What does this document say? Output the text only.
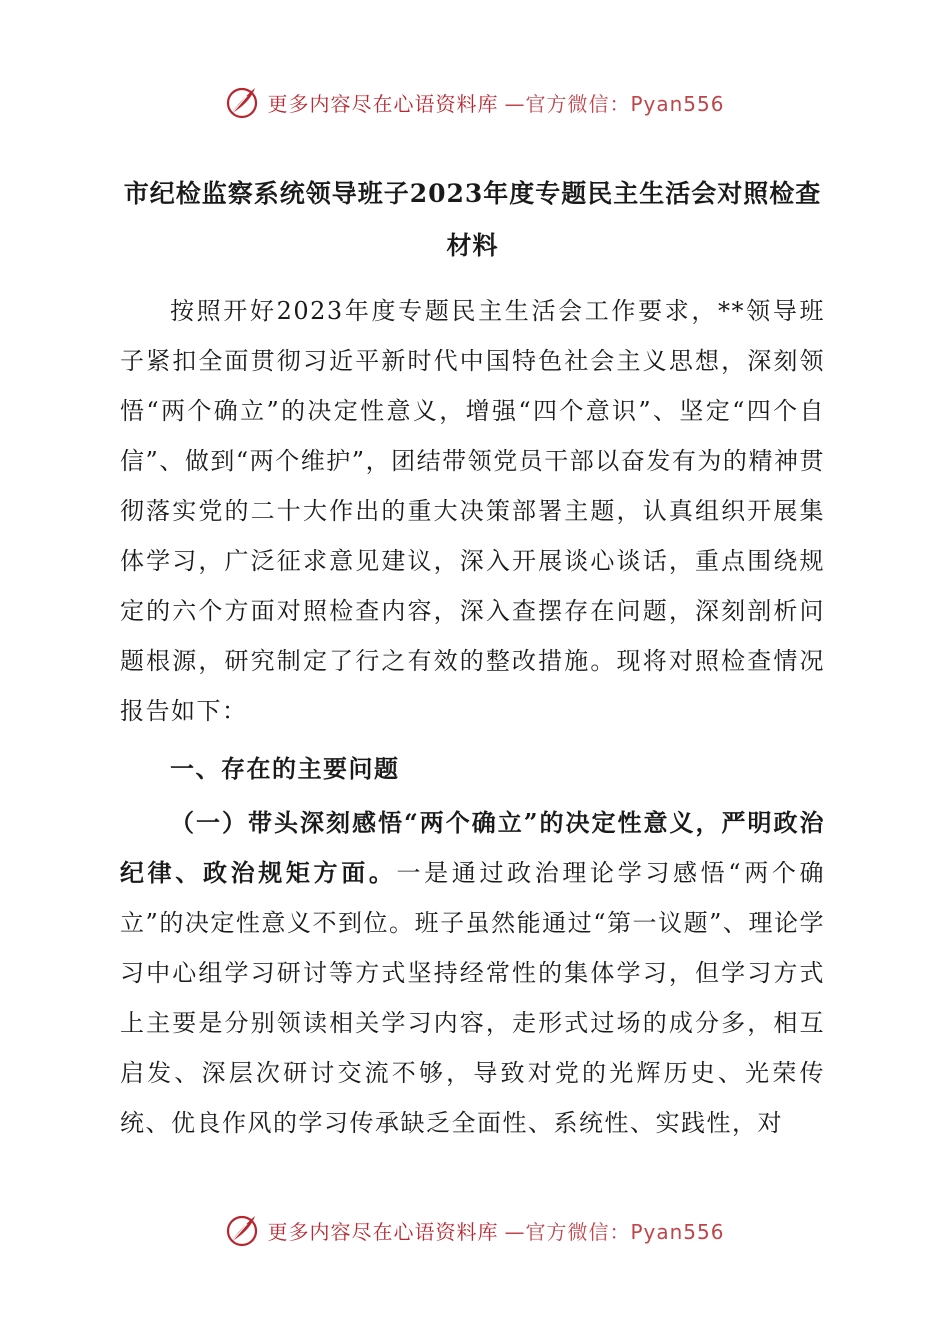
更多内容尽在心语资料库 —官方微信：Pyan556
市纪检监察系统领导班子2023年度专题民主生活会对照检查材料

按照开好2023年度专题民主生活会工作要求，**领导班子紧扣全面贯彻习近平新时代中国特色社会主义思想，深刻领悟“两个确立”的决定性意义，增强“四个意识”、坚定“四个自信”、做到“两个维护”，团结带领党员干部以奋发有为的精神贯彻落实党的二十大作出的重大决策部署主题，认真组织开展集体学习，广泛征求意见建议，深入开展谈心谈话，重点围绕规定的六个方面对照检查内容，深入查摆存在问题，深刻剖析问题根源，研究制定了行之有效的整改措施。现将对照检查情况报告如下：

一、存在的主要问题

（一）带头深刻感悟“两个确立”的决定性意义，严明政治纪律、政治规矩方面。一是通过政治理论学习感悟“两个确立”的决定性意义不到位。班子虽然能通过“第一议题”、理论学习中心组学习研讨等方式坚持经常性的集体学习，但学习方式上主要是分别领读相关学习内容，走形式过场的成分多，相互启发、深层次研讨交流不够，导致对党的光辉历史、光荣传统、优良作风的学习传承缺乏全面性、系统性、实践性，对

更多内容尽在心语资料库 —官方微信：Pyan556
